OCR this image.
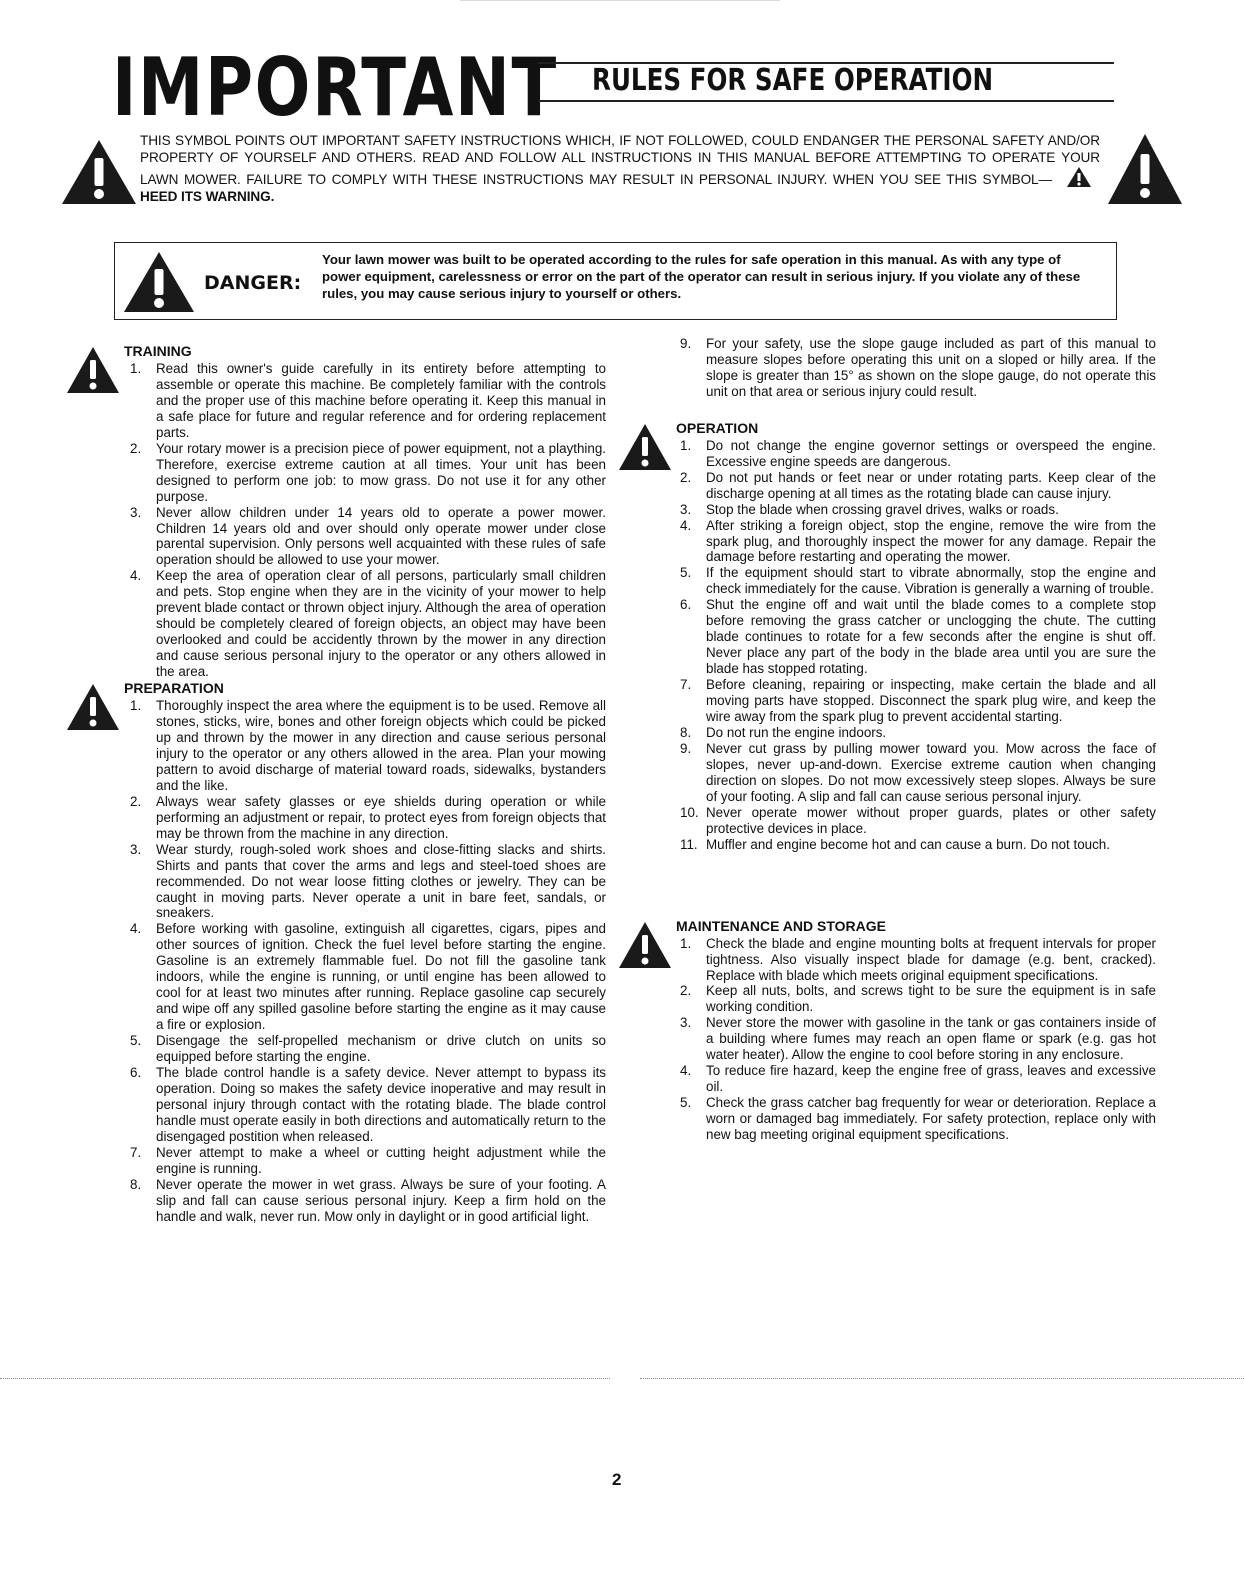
IMPORTANT RULES FOR SAFE OPERATION

THIS SYMBOL POINTS OUT IMPORTANT SAFETY INSTRUCTIONS WHICH, IF NOT FOLLOWED, COULD ENDANGER THE PERSONAL SAFETY AND/OR PROPERTY OF YOURSELF AND OTHERS. READ AND FOLLOW ALL INSTRUCTIONS IN THIS MANUAL BEFORE ATTEMPTING TO OPERATE YOUR LAWN MOWER. FAILURE TO COMPLY WITH THESE INSTRUCTIONS MAY RESULT IN PERSONAL INJURY. WHEN YOU SEE THIS SYMBOL—HEED ITS WARNING.

DANGER:

Your lawn mower was built to be operated according to the rules for safe operation in this manual. As with any type of power equipment, carelessness or error on the part of the operator can result in serious injury. If you violate any of these rules, you may cause serious injury to yourself or others.

TRAINING
1. Read this owner's guide carefully in its entirety before attempting to assemble or operate this machine. Be completely familiar with the controls and the proper use of this machine before operating it. Keep this manual in a safe place for future and regular reference and for ordering replacement parts.
2. Your rotary mower is a precision piece of power equipment, not a plaything. Therefore, exercise extreme caution at all times. Your unit has been designed to perform one job: to mow grass. Do not use it for any other purpose.
3. Never allow children under 14 years old to operate a power mower. Children 14 years old and over should only operate mower under close parental supervision. Only persons well acquainted with these rules of safe operation should be allowed to use your mower.
4. Keep the area of operation clear of all persons, particularly small children and pets. Stop engine when they are in the vicinity of your mower to help prevent blade contact or thrown object injury. Although the area of operation should be completely cleared of foreign objects, an object may have been overlooked and could be accidently thrown by the mower in any direction and cause serious personal injury to the operator or any others allowed in the area.
PREPARATION
1. Thoroughly inspect the area where the equipment is to be used. Remove all stones, sticks, wire, bones and other foreign objects which could be picked up and thrown by the mower in any direction and cause serious personal injury to the operator or any others allowed in the area. Plan your mowing pattern to avoid discharge of material toward roads, sidewalks, bystanders and the like.
2. Always wear safety glasses or eye shields during operation or while performing an adjustment or repair, to protect eyes from foreign objects that may be thrown from the machine in any direction.
3. Wear sturdy, rough-soled work shoes and close-fitting slacks and shirts. Shirts and pants that cover the arms and legs and steel-toed shoes are recommended. Do not wear loose fitting clothes or jewelry. They can be caught in moving parts. Never operate a unit in bare feet, sandals, or sneakers.
4. Before working with gasoline, extinguish all cigarettes, cigars, pipes and other sources of ignition. Check the fuel level before starting the engine. Gasoline is an extremely flammable fuel. Do not fill the gasoline tank indoors, while the engine is running, or until engine has been allowed to cool for at least two minutes after running. Replace gasoline cap securely and wipe off any spilled gasoline before starting the engine as it may cause a fire or explosion.
5. Disengage the self-propelled mechanism or drive clutch on units so equipped before starting the engine.
6. The blade control handle is a safety device. Never attempt to bypass its operation. Doing so makes the safety device inoperative and may result in personal injury through contact with the rotating blade. The blade control handle must operate easily in both directions and automatically return to the disengaged postition when released.
7. Never attempt to make a wheel or cutting height adjustment while the engine is running.
8. Never operate the mower in wet grass. Always be sure of your footing. A slip and fall can cause serious personal injury. Keep a firm hold on the handle and walk, never run. Mow only in daylight or in good artificial light.
9. For your safety, use the slope gauge included as part of this manual to measure slopes before operating this unit on a sloped or hilly area. If the slope is greater than 15° as shown on the slope gauge, do not operate this unit on that area or serious injury could result.
OPERATION
1. Do not change the engine governor settings or overspeed the engine. Excessive engine speeds are dangerous.
2. Do not put hands or feet near or under rotating parts. Keep clear of the discharge opening at all times as the rotating blade can cause injury.
3. Stop the blade when crossing gravel drives, walks or roads.
4. After striking a foreign object, stop the engine, remove the wire from the spark plug, and thoroughly inspect the mower for any damage. Repair the damage before restarting and operating the mower.
5. If the equipment should start to vibrate abnormally, stop the engine and check immediately for the cause. Vibration is generally a warning of trouble.
6. Shut the engine off and wait until the blade comes to a complete stop before removing the grass catcher or unclogging the chute. The cutting blade continues to rotate for a few seconds after the engine is shut off. Never place any part of the body in the blade area until you are sure the blade has stopped rotating.
7. Before cleaning, repairing or inspecting, make certain the blade and all moving parts have stopped. Disconnect the spark plug wire, and keep the wire away from the spark plug to prevent accidental starting.
8. Do not run the engine indoors.
9. Never cut grass by pulling mower toward you. Mow across the face of slopes, never up-and-down. Exercise extreme caution when changing direction on slopes. Do not mow excessively steep slopes. Always be sure of your footing. A slip and fall can cause serious personal injury.
10. Never operate mower without proper guards, plates or other safety protective devices in place.
11. Muffler and engine become hot and can cause a burn. Do not touch.
MAINTENANCE AND STORAGE
1. Check the blade and engine mounting bolts at frequent intervals for proper tightness. Also visually inspect blade for damage (e.g. bent, cracked). Replace with blade which meets original equipment specifications.
2. Keep all nuts, bolts, and screws tight to be sure the equipment is in safe working condition.
3. Never store the mower with gasoline in the tank or gas containers inside of a building where fumes may reach an open flame or spark (e.g. gas hot water heater). Allow the engine to cool before storing in any enclosure.
4. To reduce fire hazard, keep the engine free of grass, leaves and excessive oil.
5. Check the grass catcher bag frequently for wear or deterioration. Replace a worn or damaged bag immediately. For safety protection, replace only with new bag meeting original equipment specifications.

2
